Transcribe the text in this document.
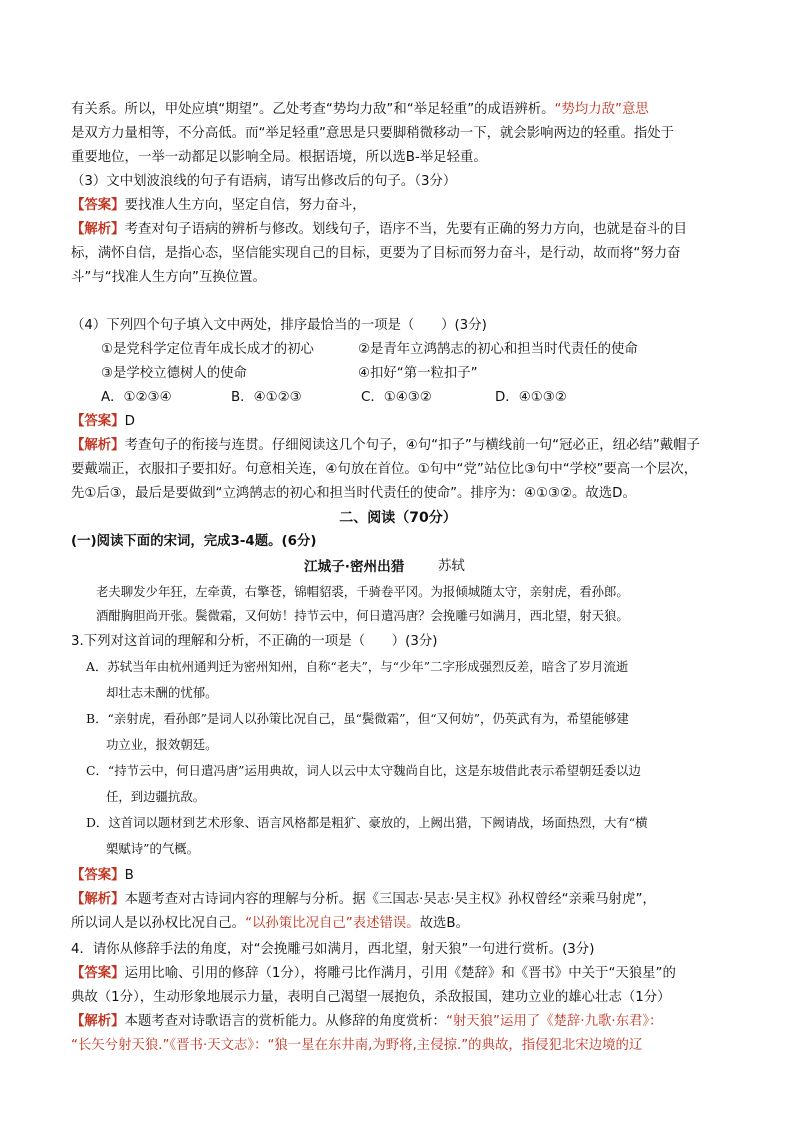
有关系。所以，甲处应填“期望”。乙处考查“势均力敌”和“举足轻重”的成语辨析。“势均力敌”意思
是双方力量相等，不分高低。而“举足轻重”意思是只要脚稍微移动一下，就会影响两边的轻重。指处于
重要地位，一举一动都足以影响全局。根据语境，所以选B-举足轻重。
（3）文中划波浪线的句子有语病，请写出修改后的句子。（3分）
【答案】要找准人生方向，坚定自信，努力奋斗，
【解析】考查对句子语病的辨析与修改。划线句子，语序不当，先要有正确的努力方向，也就是奋斗的目
标，满怀自信，是指心态，坚信能实现自己的目标，更要为了目标而努力奋斗，是行动，故而将“努力奋
斗”与“找准人生方向”互换位置。
（4）下列四个句子填入文中两处，排序最恰当的一项是（　　）(3分)
①是党科学定位青年成长成才的初心	②是青年立鸿鹄志的初心和担当时代责任的使命
③是学校立德树人的使命	④扣好“第一粒扣子”
A．①②③④	B．④①②③	C．①④③②	D．④①③②
【答案】D
【解析】考查句子的衔接与连贯。仔细阅读这几个句子，④句“扣子”与横线前一句“冠必正，纽必结”戴帽子
要戴端正，衣服扣子要扣好。句意相关连，④句放在首位。①句中“党”站位比③句中“学校”要高一个层次，
先①后③，最后是要做到“立鸿鹄志的初心和担当时代责任的使命”。排序为：④①③②。故选D。
二、阅读（70分）
(一)阅读下面的宋词，完成3-4题。(6分)
江城子·密州出猎	苏轼
老夫聊发少年狂，左牵黄，右擎苍，锦帽貂裘，千骑卷平冈。为报倾城随太守，亲射虎，看孙郎。
酒酣胸胆尚开张。鬓微霜，又何妨！持节云中，何日遣冯唐？会挽雕弓如满月，西北望，射天狼。
3.下列对这首词的理解和分析，不正确的一项是（　　）(3分)
A．苏轼当年由杭州通判迁为密州知州，自称“老夫”，与“少年”二字形成强烈反差，暗含了岁月流逝
却壮志未酬的忧郁。
B．“亲射虎，看孙郎”是词人以孙策比况自己，虽“鬓微霜”，但“又何妨”，仍英武有为，希望能够建
功立业，报效朝廷。
C．“持节云中，何日遣冯唐”运用典故，词人以云中太守魏尚自比，这是东坡借此表示希望朝廷委以边
任，到边疆抗敌。
D．这首词以题材到艺术形象、语言风格都是粗犷、豪放的，上阙出猎，下阙请战，场面热烈，大有“横
槊赋诗”的气概。
【答案】B
【解析】本题考查对古诗词内容的理解与分析。据《三国志·吴志·吴主权》孙权曾经“亲乘马射虎”，
所以词人是以孙权比况自己。“以孙策比况自己”表述错误。故选B。
4．请你从修辞手法的角度，对“会挽雕弓如满月，西北望，射天狼”一句进行赏析。(3分)
【答案】运用比喻、引用的修辞（1分），将雕弓比作满月，引用《楚辞》和《晋书》中关于“天狼星”的
典故（1分），生动形象地展示力量，表明自己渴望一展抱负，杀敌报国，建功立业的雄心壮志（1分）
【解析】本题考查对诗歌语言的赏析能力。从修辞的角度赏析：“射天狼”运用了《楚辞·九歌·东君》：
“长矢兮射天狼.”《晋书·天文志》：“狼一星在东井南,为野将,主侵掠.”的典故，指侵犯北宋边境的辽
